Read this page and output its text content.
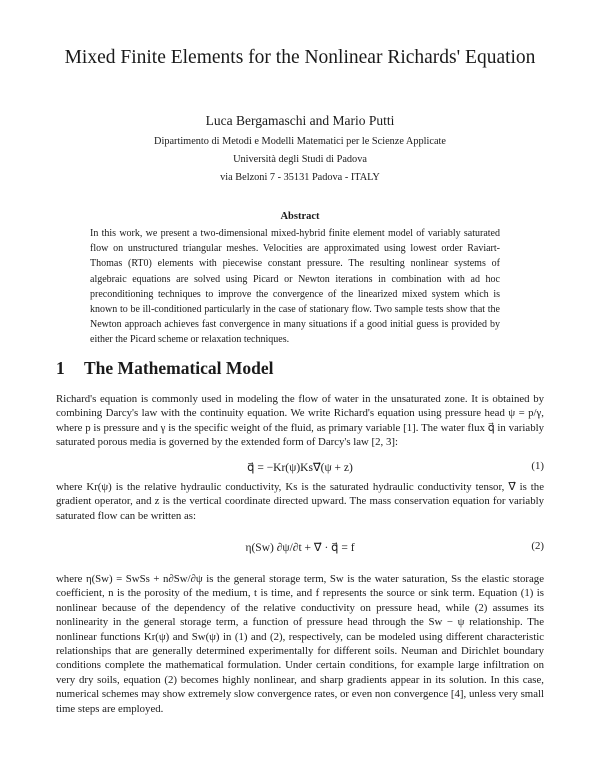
Mixed Finite Elements for the Nonlinear Richards' Equation
Luca Bergamaschi and Mario Putti
Dipartimento di Metodi e Modelli Matematici per le Scienze Applicate
Università degli Studi di Padova
via Belzoni 7 - 35131 Padova - ITALY
Abstract
In this work, we present a two-dimensional mixed-hybrid finite element model of variably saturated flow on unstructured triangular meshes. Velocities are approximated using lowest order Raviart-Thomas (RT0) elements with piecewise constant pressure. The resulting nonlinear systems of algebraic equations are solved using Picard or Newton iterations in combination with ad hoc preconditioning techniques to improve the convergence of the linearized mixed system which is known to be ill-conditioned particularly in the case of stationary flow. Two sample tests show that the Newton approach achieves fast convergence in many situations if a good initial guess is provided by either the Picard scheme or relaxation techniques.
1 The Mathematical Model
Richard's equation is commonly used in modeling the flow of water in the unsaturated zone. It is obtained by combining Darcy's law with the continuity equation. We write Richard's equation using pressure head ψ = p/γ, where p is pressure and γ is the specific weight of the fluid, as primary variable [1]. The water flux q⃗ in variably saturated porous media is governed by the extended form of Darcy's law [2, 3]:
q⃗ = −Kr(ψ)Ks∇⃗(ψ + z)	(1)
where Kr(ψ) is the relative hydraulic conductivity, Ks is the saturated hydraulic conductivity tensor, ∇⃗ is the gradient operator, and z is the vertical coordinate directed upward. The mass conservation equation for variably saturated flow can be written as:
η(Sw) ∂ψ/∂t + ∇⃗ · q⃗ = f	(2)
where η(Sw) = SwSs + n∂Sw/∂ψ is the general storage term, Sw is the water saturation, Ss the elastic storage coefficient, n is the porosity of the medium, t is time, and f represents the source or sink term. Equation (1) is nonlinear because of the dependency of the relative conductivity on pressure head, while (2) assumes its nonlinearity in the general storage term, a function of pressure head through the Sw − ψ relationship. The nonlinear functions Kr(ψ) and Sw(ψ) in (1) and (2), respectively, can be modeled using different characteristic relationships that are generally determined experimentally for different soils. Neuman and Dirichlet boundary conditions complete the mathematical formulation. Under certain conditions, for example large infiltration on very dry soils, equation (2) becomes highly nonlinear, and sharp gradients appear in its solution. In this case, numerical schemes may show extremely slow convergence rates, or even non convergence [4], unless very small time steps are employed.
